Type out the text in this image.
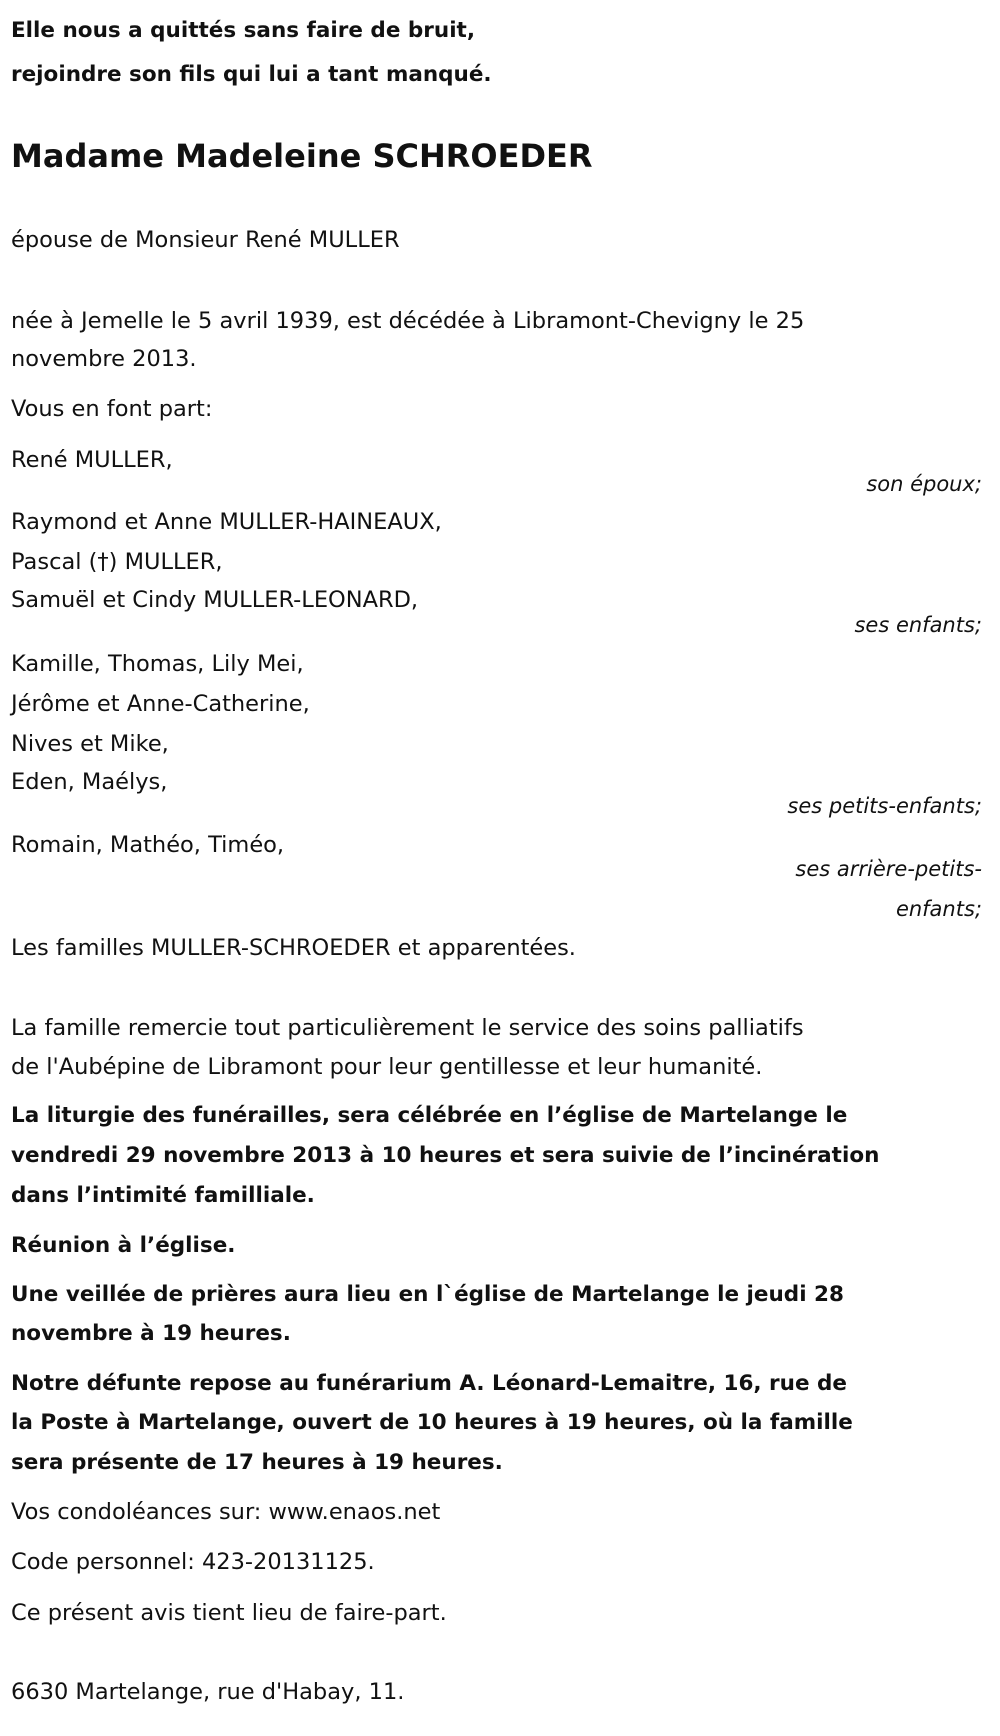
Elle nous a quittés sans faire de bruit,
rejoindre son fils qui lui a tant manqué.
Madame Madeleine SCHROEDER
épouse de Monsieur René MULLER
née à Jemelle le 5 avril 1939, est décédée à Libramont-Chevigny le 25
novembre 2013.
Vous en font part:
René MULLER,
son époux;
Raymond et Anne MULLER-HAINEAUX,
Pascal (†) MULLER,
Samuël et Cindy MULLER-LEONARD,
ses enfants;
Kamille, Thomas, Lily Mei,
Jérôme et Anne-Catherine,
Nives et Mike,
Eden, Maélys,
ses petits-enfants;
Romain, Mathéo, Timéo,
ses arrière-petits-
enfants;
Les familles MULLER-SCHROEDER et apparentées.
La famille remercie tout particulièrement le service des soins palliatifs
de l'Aubépine de Libramont pour leur gentillesse et leur humanité.
La liturgie des funérailles, sera célébrée en l’église de Martelange le
vendredi 29 novembre 2013 à 10 heures et sera suivie de l’incinération
dans l’intimité familliale.
Réunion à l’église.
Une veillée de prières aura lieu en l`église de Martelange le jeudi 28
novembre à 19 heures.
Notre défunte repose au funérarium A. Léonard-Lemaitre, 16, rue de
la Poste à Martelange, ouvert de 10 heures à 19 heures, où la famille
sera présente de 17 heures à 19 heures.
Vos condoléances sur: www.enaos.net
Code personnel: 423-20131125.
Ce présent avis tient lieu de faire-part.
6630 Martelange, rue d'Habay, 11.
